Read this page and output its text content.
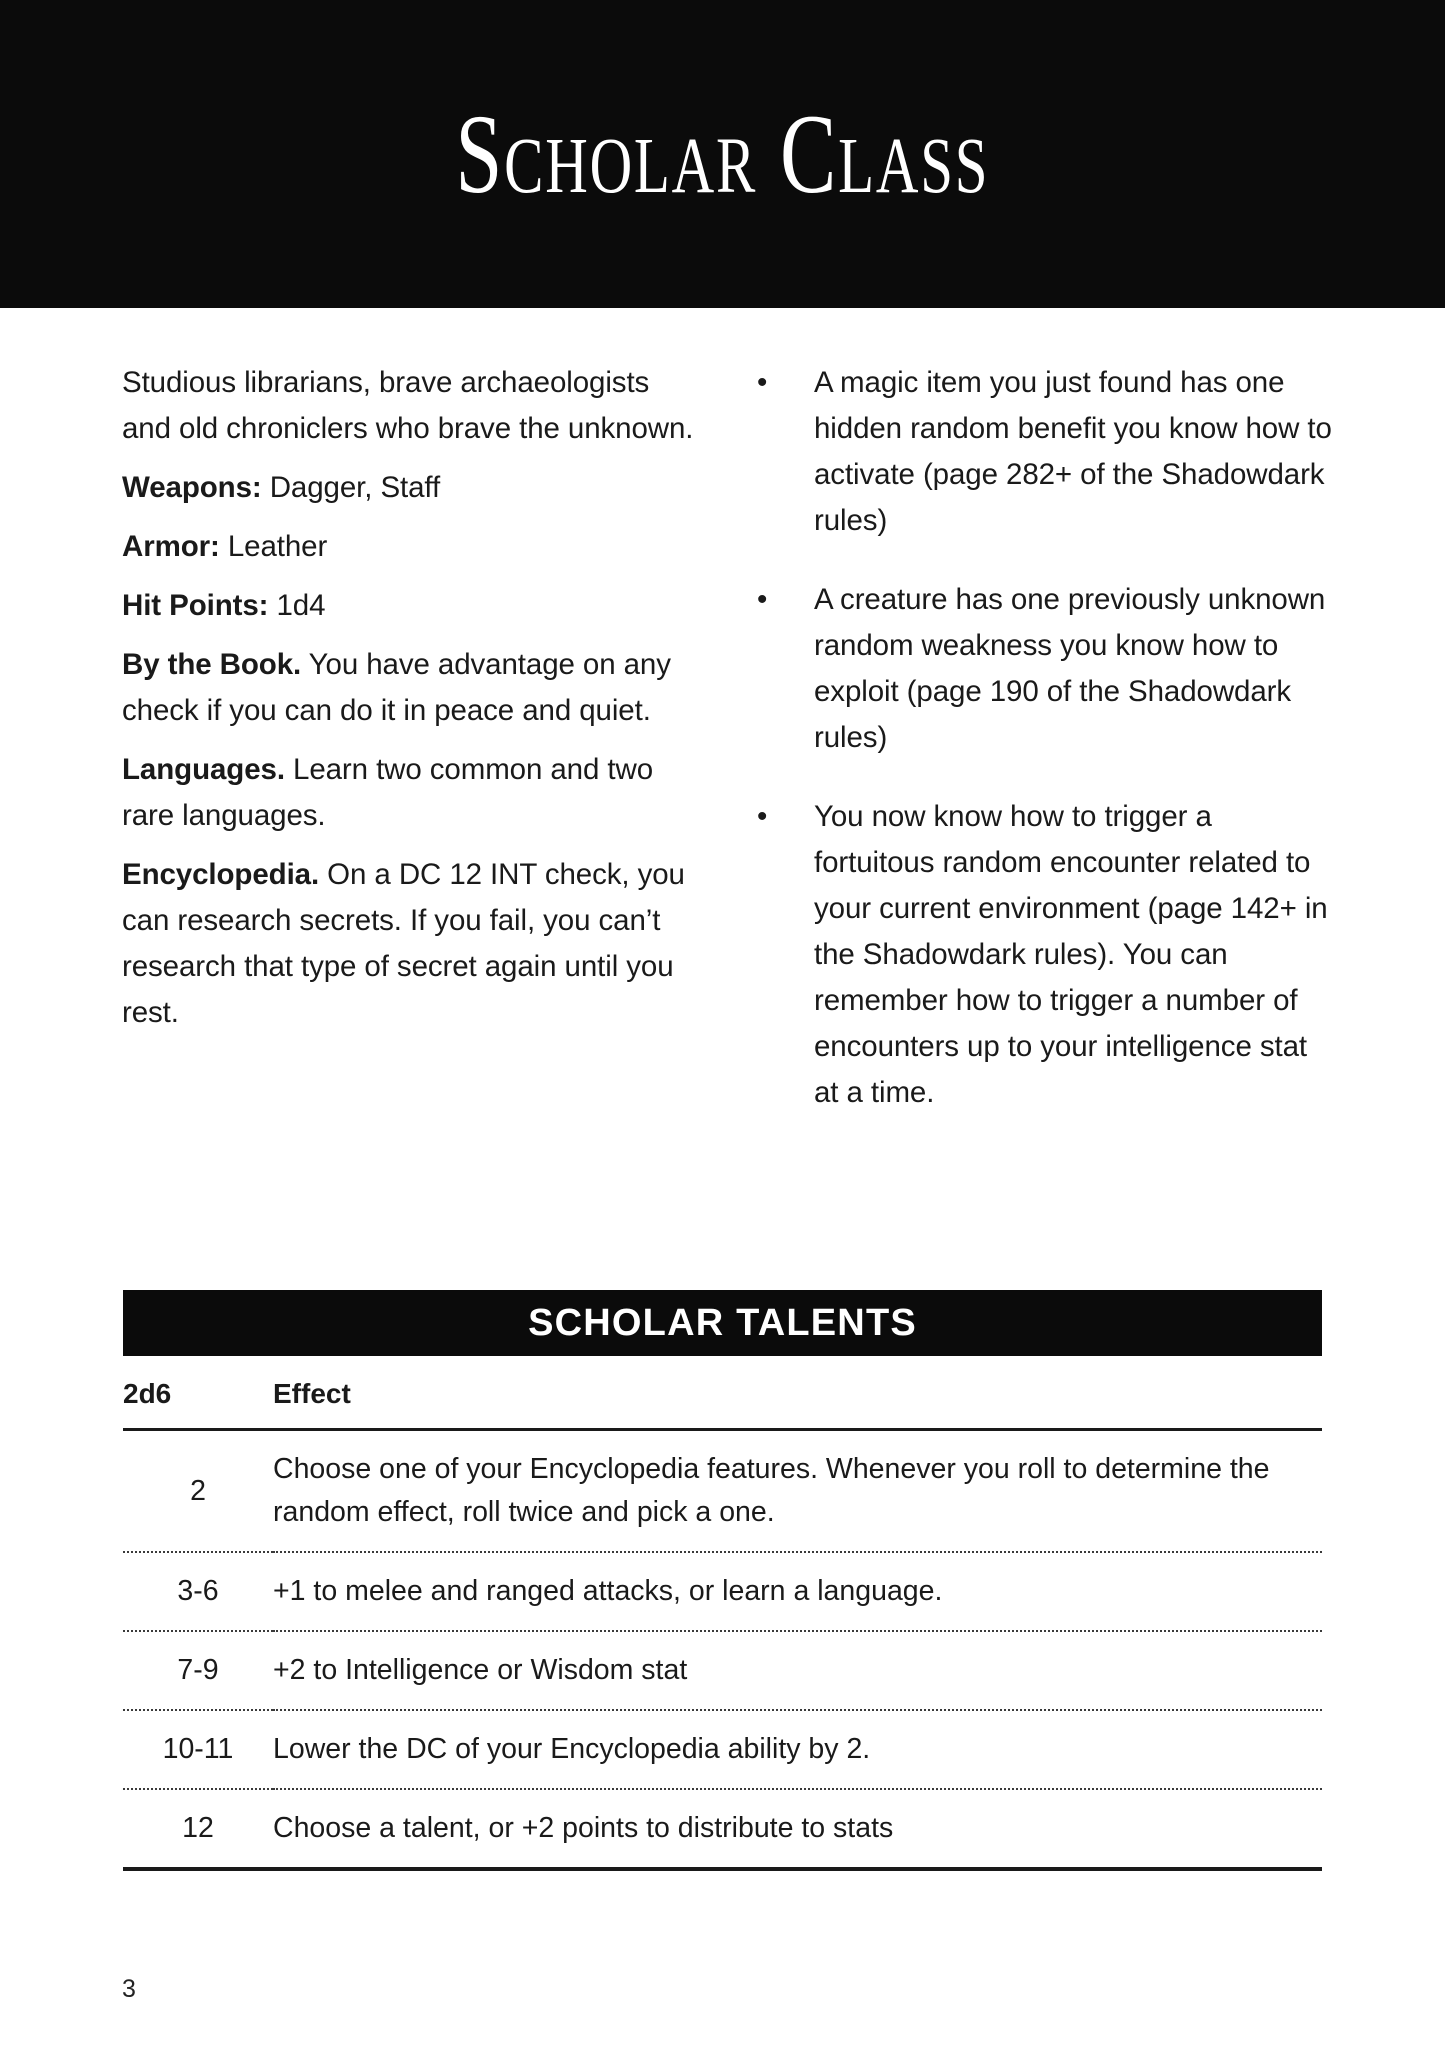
Scholar Class

Studious librarians, brave archaeologists and old chroniclers who brave the unknown.

Weapons: Dagger, Staff

Armor: Leather

Hit Points: 1d4

By the Book. You have advantage on any check if you can do it in peace and quiet.

Languages. Learn two common and two rare languages.

Encyclopedia. On a DC 12 INT check, you can research secrets. If you fail, you can’t research that type of secret again until you rest.

•	A magic item you just found has one hidden random benefit you know how to activate (page 282+ of the Shadowdark rules)
•	A creature has one previously unknown random weakness you know how to exploit (page 190 of the Shadowdark rules)
•	You now know how to trigger a fortuitous random encounter related to your current environment (page 142+ in the Shadowdark rules). You can remember how to trigger a number of encounters up to your intelligence stat at a time.
SCHOLAR TALENTS
2d6	Effect
2	Choose one of your Encyclopedia features. Whenever you roll to determine the random effect, roll twice and pick a one.
3-6	+1 to melee and ranged attacks, or learn a language.
7-9	+2 to Intelligence or Wisdom stat
10-11	Lower the DC of your Encyclopedia ability by 2.
12	Choose a talent, or +2 points to distribute to stats
3
